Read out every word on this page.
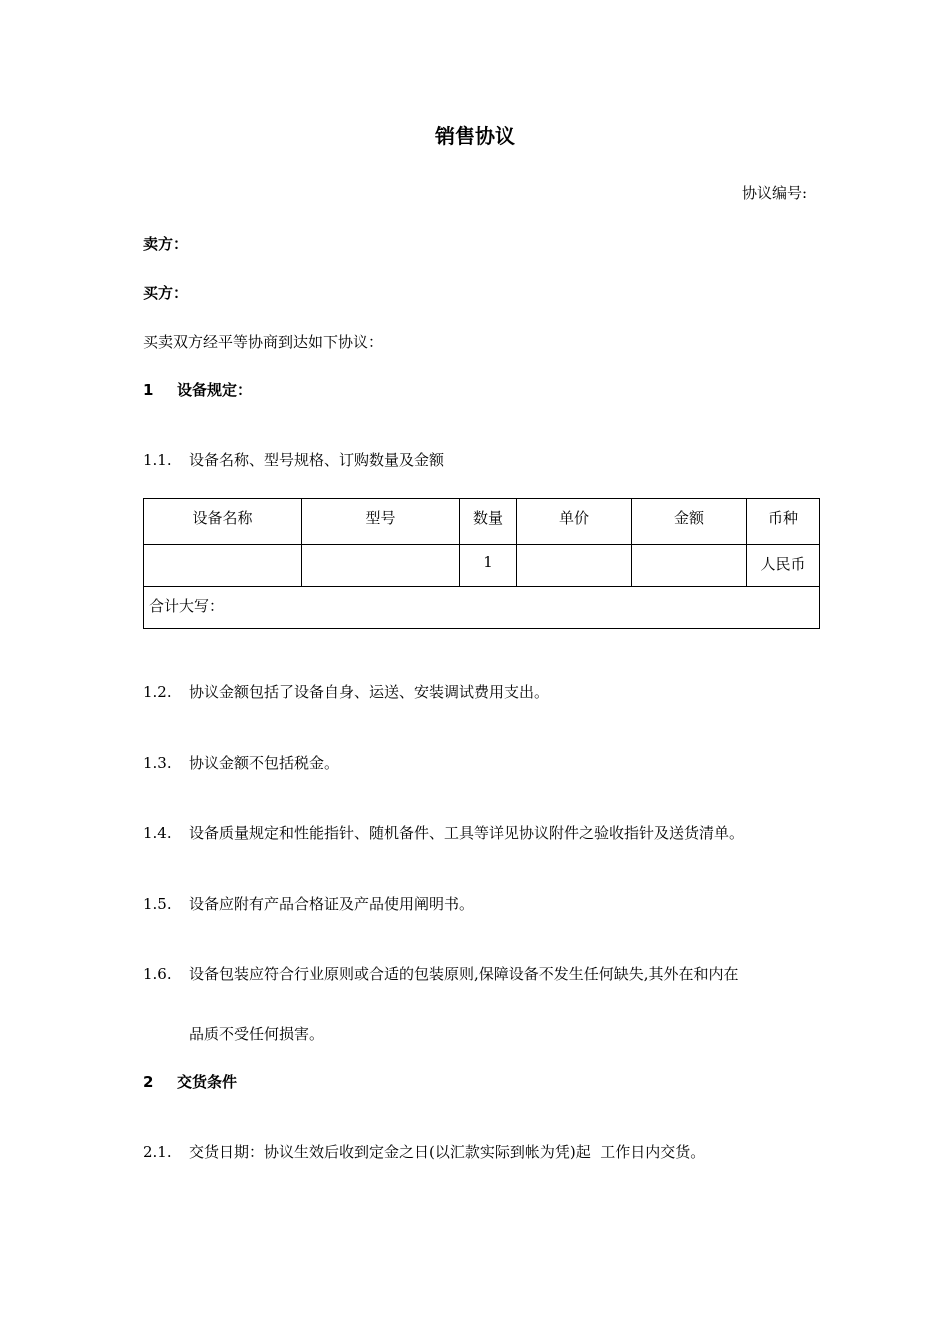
销售协议
协议编号:
卖方：
买方：
买卖双方经平等协商到达如下协议：
1 设备规定：
1.1. 设备名称、型号规格、订购数量及金额
设备名称	型号	数量	单价	金额	币种
		1			人民币
合计大写：					
1.2. 协议金额包括了设备自身、运送、安装调试费用支出。
1.3. 协议金额不包括税金。
1.4. 设备质量规定和性能指针、随机备件、工具等详见协议附件之验收指针及送货清单。
1.5. 设备应附有产品合格证及产品使用阐明书。
1.6. 设备包装应符合行业原则或合适的包装原则,保障设备不发生任何缺失,其外在和内在
品质不受任何损害。
2 交货条件
2.1. 交货日期：协议生效后收到定金之日(以汇款实际到帐为凭)起  工作日内交货。
